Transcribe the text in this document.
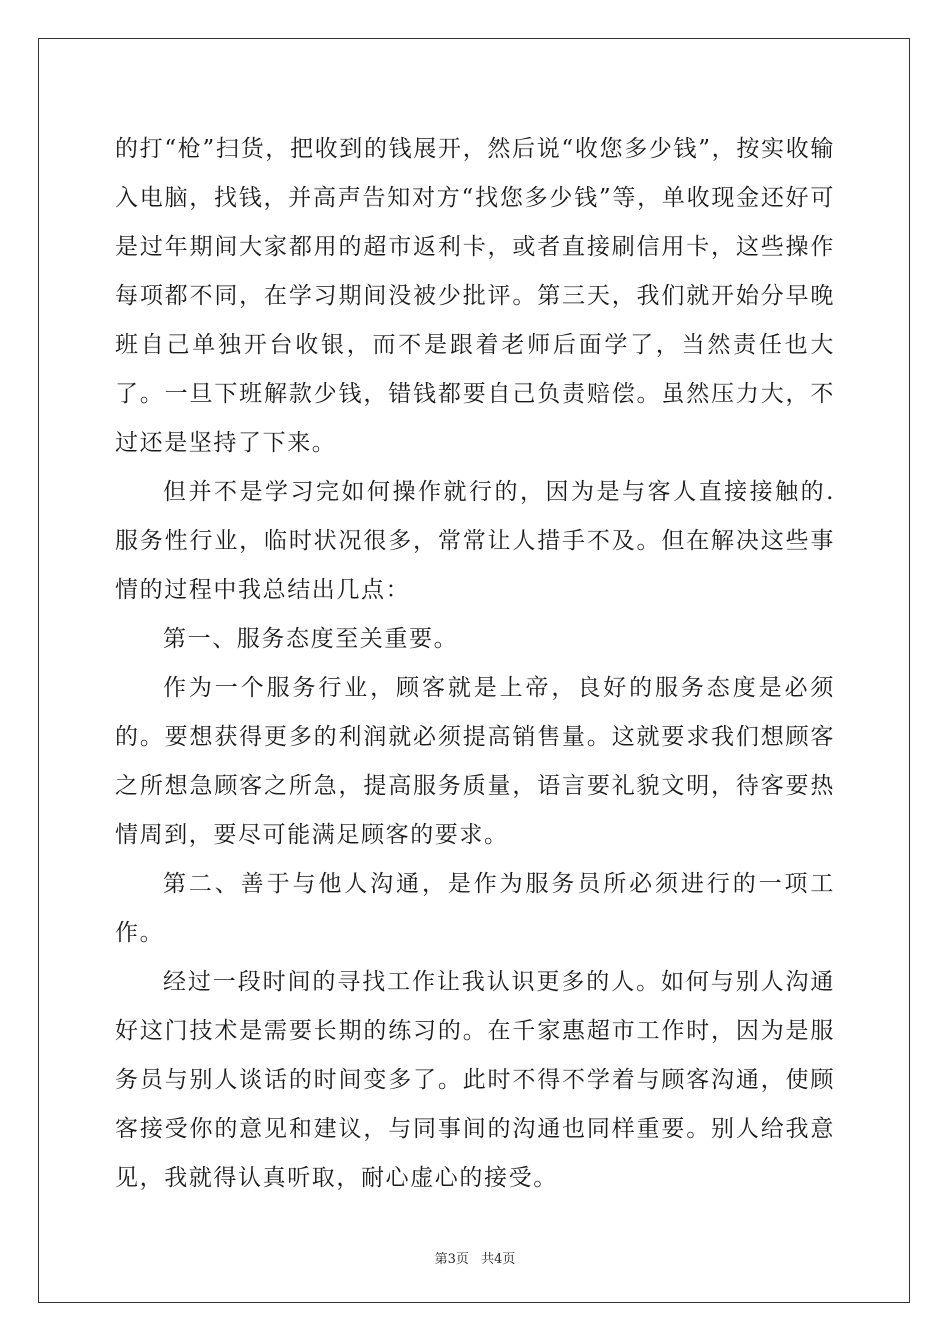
的打“枪”扫货，把收到的钱展开，然后说“收您多少钱”，按实收输入电脑，找钱，并高声告知对方“找您多少钱”等，单收现金还好可是过年期间大家都用的超市返利卡，或者直接刷信用卡，这些操作每项都不同，在学习期间没被少批评。第三天，我们就开始分早晚班自己单独开台收银，而不是跟着老师后面学了，当然责任也大了。一旦下班解款少钱，错钱都要自己负责赔偿。虽然压力大，不过还是坚持了下来。

但并不是学习完如何操作就行的，因为是与客人直接接触的.服务性行业，临时状况很多，常常让人措手不及。但在解决这些事情的过程中我总结出几点：

第一、服务态度至关重要。

作为一个服务行业，顾客就是上帝，良好的服务态度是必须的。要想获得更多的利润就必须提高销售量。这就要求我们想顾客之所想急顾客之所急，提高服务质量，语言要礼貌文明，待客要热情周到，要尽可能满足顾客的要求。

第二、善于与他人沟通，是作为服务员所必须进行的一项工作。

经过一段时间的寻找工作让我认识更多的人。如何与别人沟通好这门技术是需要长期的练习的。在千家惠超市工作时，因为是服务员与别人谈话的时间变多了。此时不得不学着与顾客沟通，使顾客接受你的意见和建议，与同事间的沟通也同样重要。别人给我意见，我就得认真听取，耐心虚心的接受。

第3页 共4页
